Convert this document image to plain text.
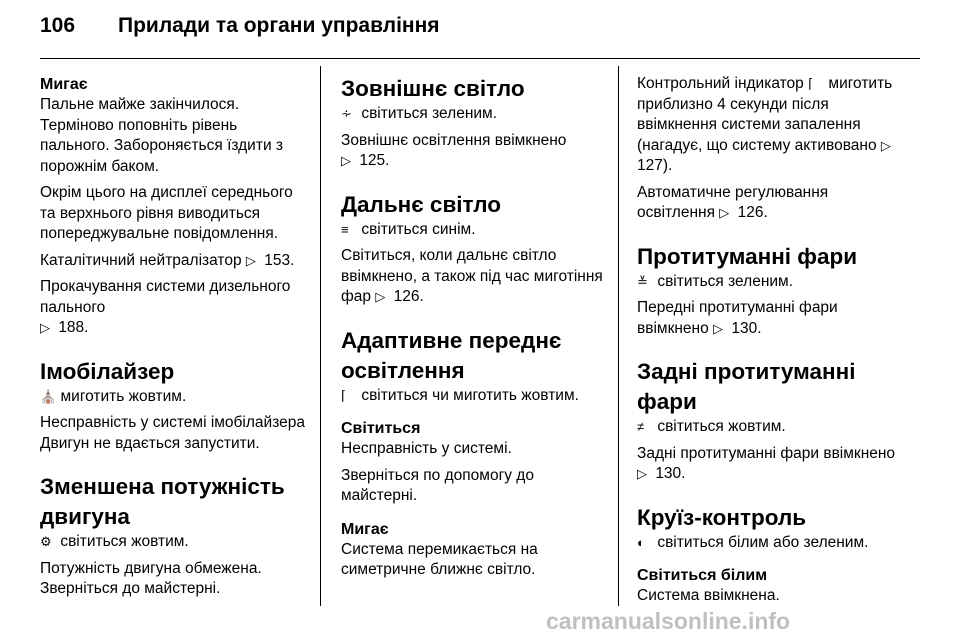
106 Прилади та органи управління

Мигає

Пальне майже закінчилося. Терміново поповніть рівень пального. Забороняється їздити з порожнім баком.

Окрім цього на дисплеї середнього та верхнього рівня виводиться попереджувальне повідомлення.

Каталітичний нейтралізатор ▷ 153.

Прокачування системи дизельного пального
▷ 188.

Імобілайзер

⛪ миготить жовтим.

Несправність у системі імобілайзера Двигун не вдається запустити.

Зменшена потужність двигуна

⚙ світиться жовтим.

Потужність двигуна обмежена. Зверніться до майстерні.

Зовнішнє світло

∻ світиться зеленим.

Зовнішнє освітлення ввімкнено
▷ 125.

Дальнє світло

≡ світиться синім.

Світиться, коли дальнє світло ввімкнено, а також під час миготіння фар ▷ 126.

Адаптивне переднє освітлення

⌈ світиться чи миготить жовтим.

Світиться

Несправність у системі.

Зверніться по допомогу до майстерні.

Мигає

Система перемикається на симетричне ближнє світло.

Контрольний індикатор ⌈ миготить приблизно 4 секунди після ввімкнення системи запалення (нагадує, що систему активовано ▷ 127).

Автоматичне регулювання освітлення ▷ 126.

Протитуманні фари

≚ світиться зеленим.

Передні протитуманні фари ввімкнено ▷ 130.

Задні протитуманні фари

≠ світиться жовтим.

Задні протитуманні фари ввімкнено ▷ 130.

Круїз-контроль

◐ світиться білим або зеленим.

Світиться білим

Система ввімкнена.

carmanualsonline.info
